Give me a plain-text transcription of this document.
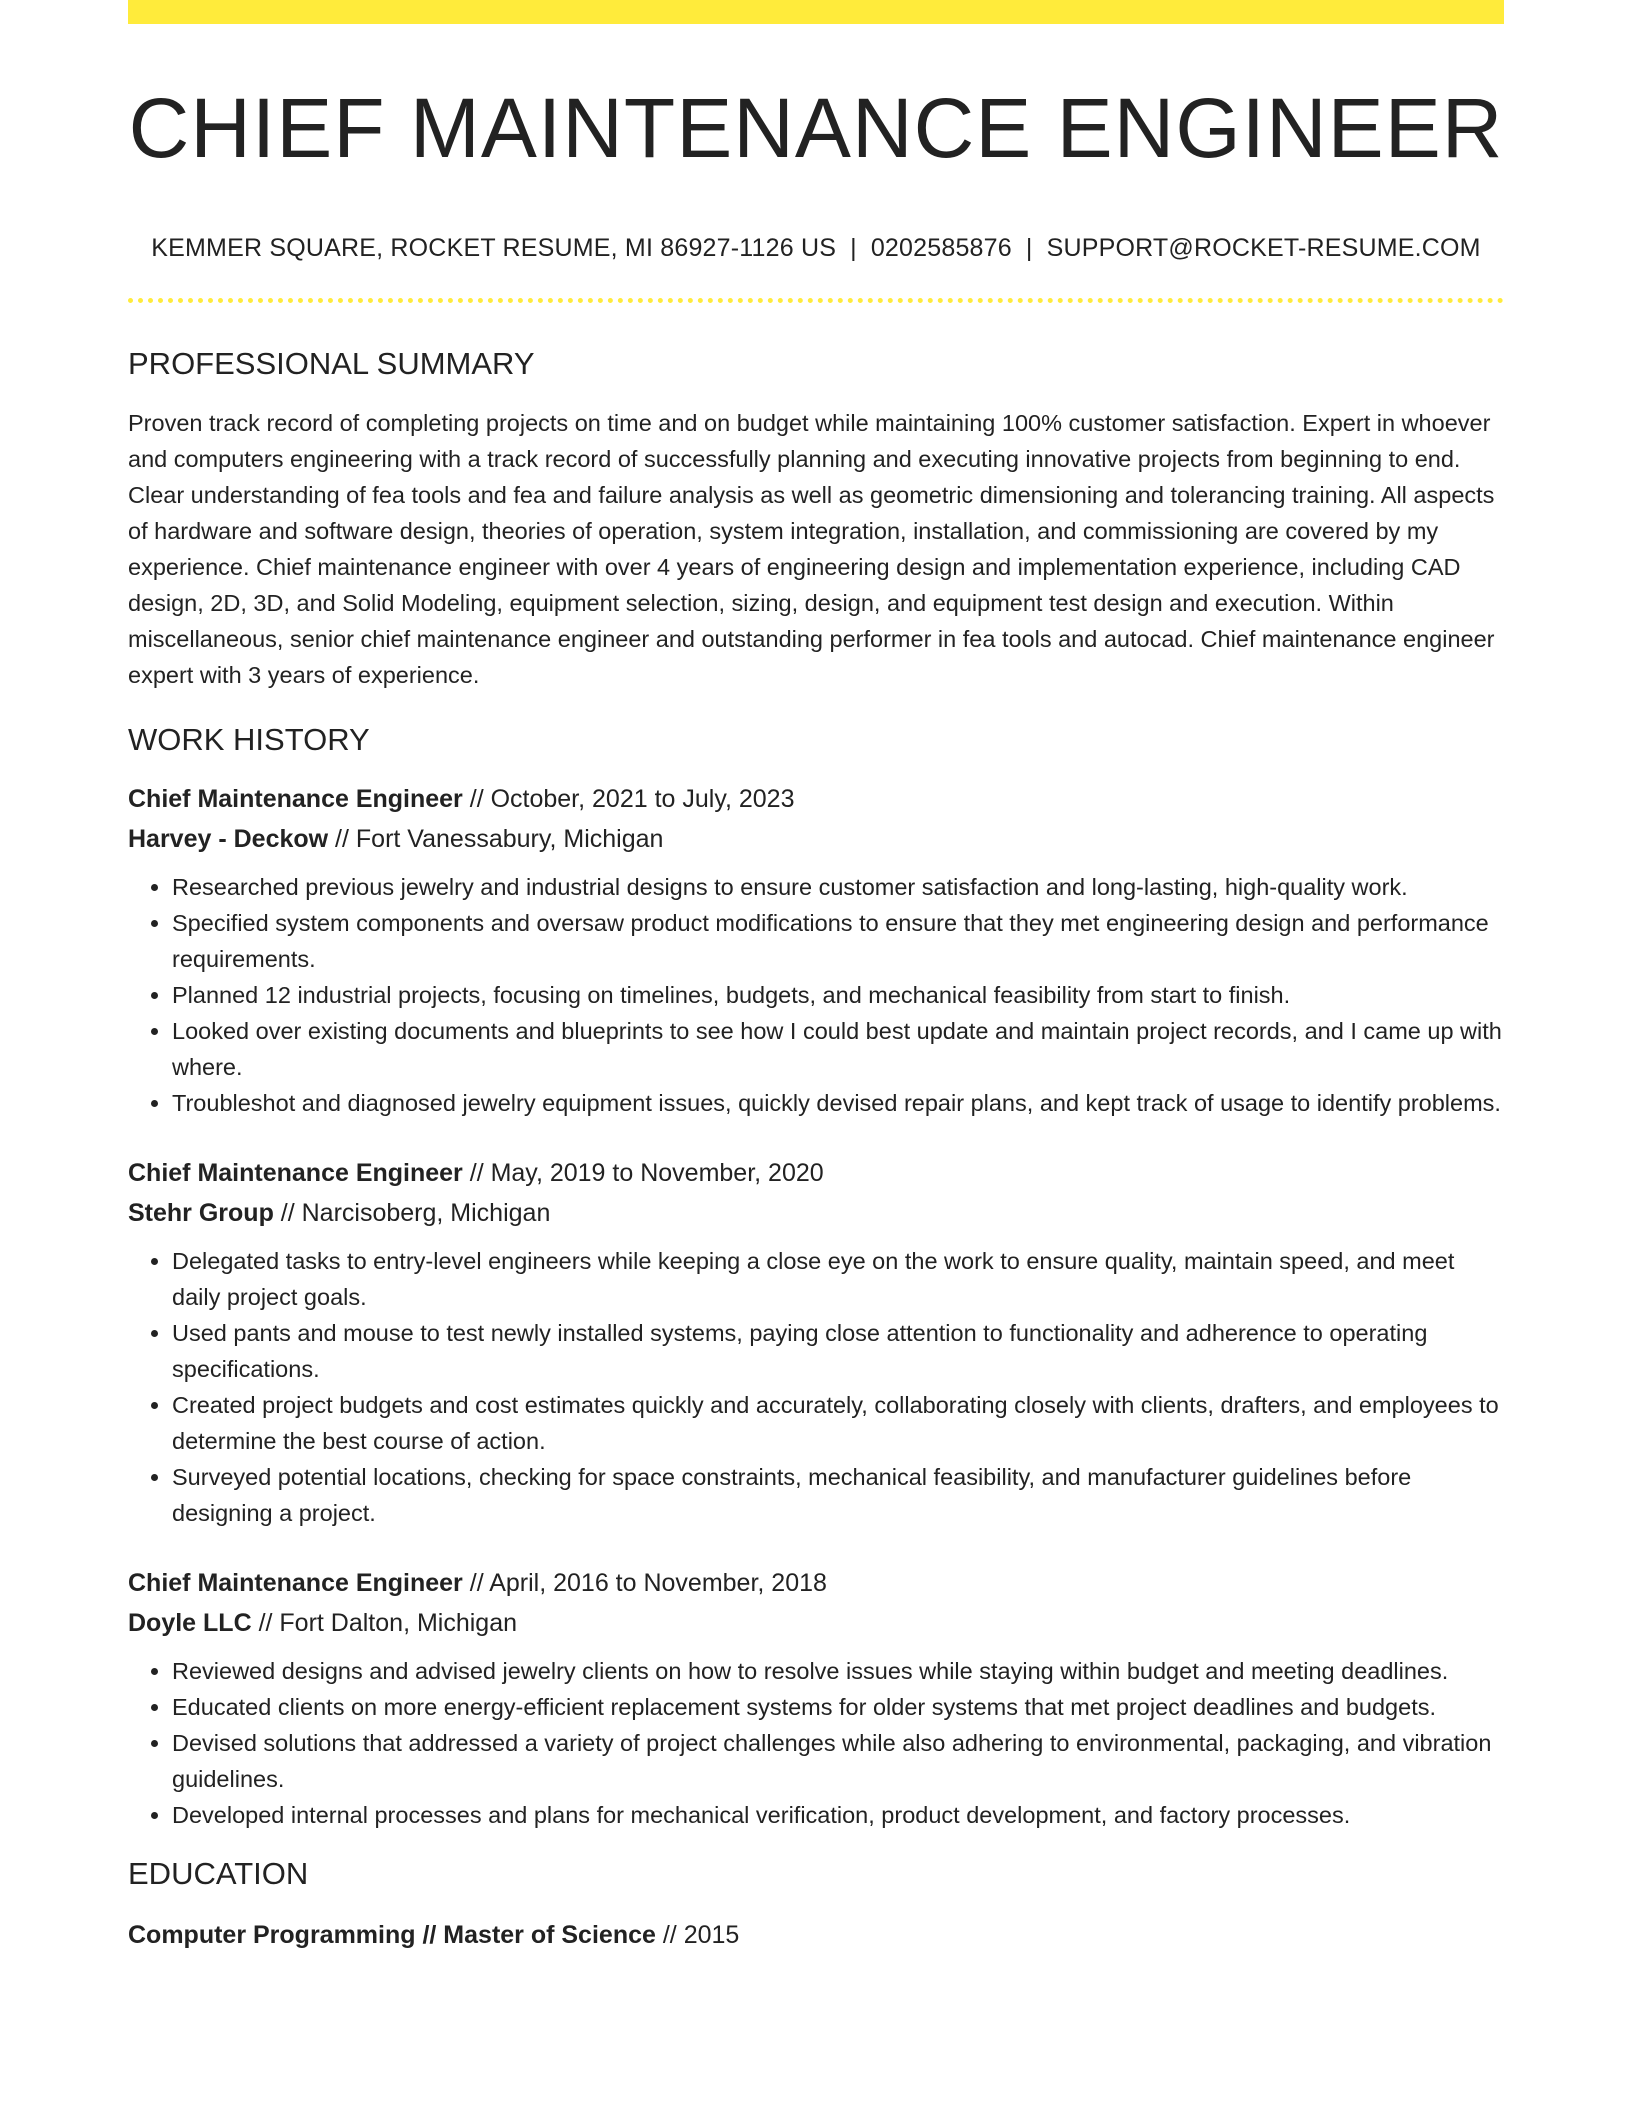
CHIEF MAINTENANCE ENGINEER
KEMMER SQUARE, ROCKET RESUME, MI 86927-1126 US | 0202585876 | SUPPORT@ROCKET-RESUME.COM
PROFESSIONAL SUMMARY

Proven track record of completing projects on time and on budget while maintaining 100% customer satisfaction. Expert in whoever and computers engineering with a track record of successfully planning and executing innovative projects from beginning to end. Clear understanding of fea tools and fea and failure analysis as well as geometric dimensioning and tolerancing training. All aspects of hardware and software design, theories of operation, system integration, installation, and commissioning are covered by my experience. Chief maintenance engineer with over 4 years of engineering design and implementation experience, including CAD design, 2D, 3D, and Solid Modeling, equipment selection, sizing, design, and equipment test design and execution. Within miscellaneous, senior chief maintenance engineer and outstanding performer in fea tools and autocad. Chief maintenance engineer expert with 3 years of experience.

WORK HISTORY
Chief Maintenance Engineer // October, 2021 to July, 2023
Harvey - Deckow // Fort Vanessabury, Michigan
• Researched previous jewelry and industrial designs to ensure customer satisfaction and long-lasting, high-quality work.
• Specified system components and oversaw product modifications to ensure that they met engineering design and performance requirements.
• Planned 12 industrial projects, focusing on timelines, budgets, and mechanical feasibility from start to finish.
• Looked over existing documents and blueprints to see how I could best update and maintain project records, and I came up with where.
• Troubleshot and diagnosed jewelry equipment issues, quickly devised repair plans, and kept track of usage to identify problems.
Chief Maintenance Engineer // May, 2019 to November, 2020
Stehr Group // Narcisoberg, Michigan
• Delegated tasks to entry-level engineers while keeping a close eye on the work to ensure quality, maintain speed, and meet daily project goals.
• Used pants and mouse to test newly installed systems, paying close attention to functionality and adherence to operating specifications.
• Created project budgets and cost estimates quickly and accurately, collaborating closely with clients, drafters, and employees to determine the best course of action.
• Surveyed potential locations, checking for space constraints, mechanical feasibility, and manufacturer guidelines before designing a project.
Chief Maintenance Engineer // April, 2016 to November, 2018
Doyle LLC // Fort Dalton, Michigan
• Reviewed designs and advised jewelry clients on how to resolve issues while staying within budget and meeting deadlines.
• Educated clients on more energy-efficient replacement systems for older systems that met project deadlines and budgets.
• Devised solutions that addressed a variety of project challenges while also adhering to environmental, packaging, and vibration guidelines.
• Developed internal processes and plans for mechanical verification, product development, and factory processes.
EDUCATION
Computer Programming // Master of Science // 2015
